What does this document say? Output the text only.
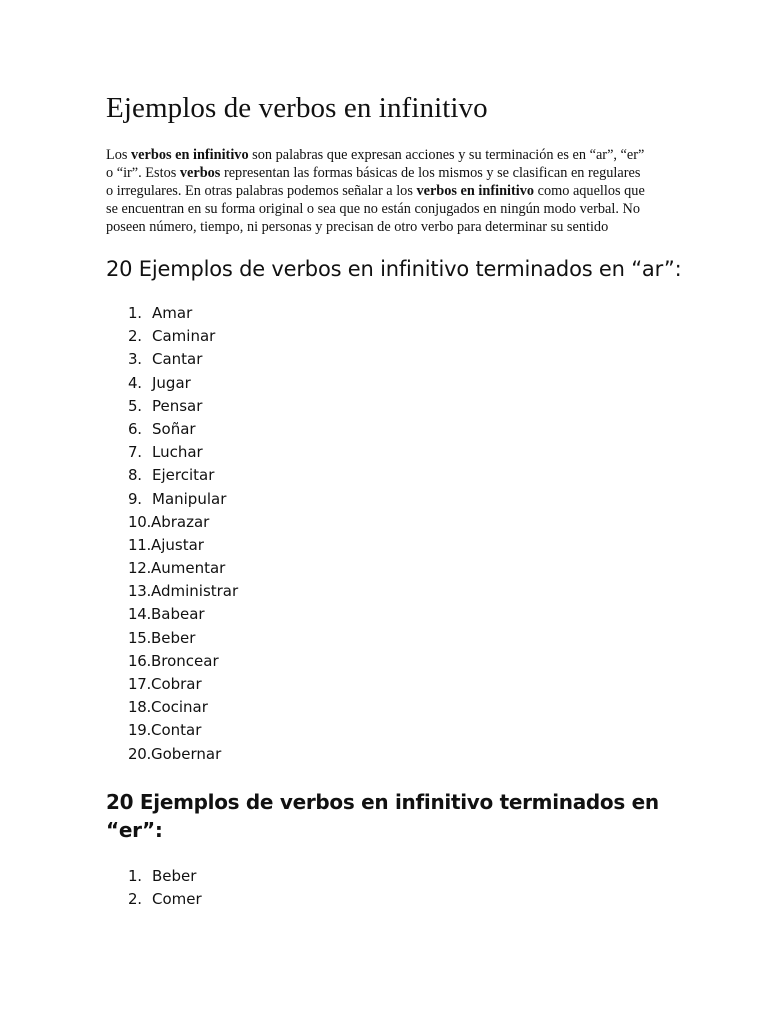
Ejemplos de verbos en infinitivo

Los verbos en infinitivo son palabras que expresan acciones y su terminación es en “ar”, “er” o “ir”. Estos verbos representan las formas básicas de los mismos y se clasifican en regulares o irregulares. En otras palabras podemos señalar a los verbos en infinitivo como aquellos que se encuentran en su forma original o sea que no están conjugados en ningún modo verbal. No poseen número, tiempo, ni personas y precisan de otro verbo para determinar su sentido

20 Ejemplos de verbos en infinitivo terminados en “ar”:
1. Amar
2. Caminar
3. Cantar
4. Jugar
5. Pensar
6. Soñar
7. Luchar
8. Ejercitar
9. Manipular
10.Abrazar
11.Ajustar
12.Aumentar
13.Administrar
14.Babear
15.Beber
16.Broncear
17.Cobrar
18.Cocinar
19.Contar
20.Gobernar
20 Ejemplos de verbos en infinitivo terminados en “er”:
1. Beber
2. Comer
